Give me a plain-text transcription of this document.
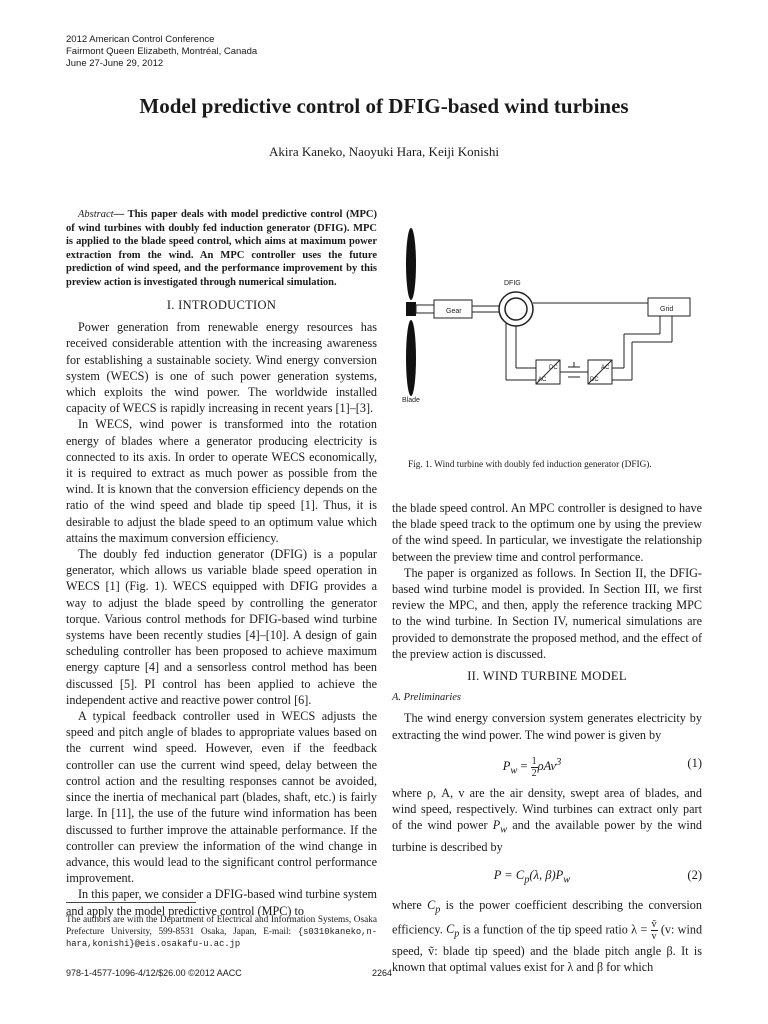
2012 American Control Conference
Fairmont Queen Elizabeth, Montréal, Canada
June 27-June 29, 2012
Model predictive control of DFIG-based wind turbines
Akira Kaneko, Naoyuki Hara, Keiji Konishi

Abstract— This paper deals with model predictive control (MPC) of wind turbines with doubly fed induction generator (DFIG). MPC is applied to the blade speed control, which aims at maximum power extraction from the wind. An MPC controller uses the future prediction of wind speed, and the performance improvement by this preview action is investigated through numerical simulation.

I. INTRODUCTION

Power generation from renewable energy resources has received considerable attention with the increasing awareness for establishing a sustainable society. Wind energy conversion system (WECS) is one of such power generation systems, which exploits the wind power. The worldwide installed capacity of WECS is rapidly increasing in recent years [1]–[3].

In WECS, wind power is transformed into the rotation energy of blades where a generator producing electricity is connected to its axis. In order to operate WECS economically, it is required to extract as much power as possible from the wind. It is known that the conversion efficiency depends on the ratio of the wind speed and blade tip speed [1]. Thus, it is desirable to adjust the blade speed to an optimum value which attains the maximum conversion efficiency.

The doubly fed induction generator (DFIG) is a popular generator, which allows us variable blade speed operation in WECS [1] (Fig. 1). WECS equipped with DFIG provides a way to adjust the blade speed by controlling the generator torque. Various control methods for DFIG-based wind turbine systems have been recently studies [4]–[10]. A design of gain scheduling controller has been proposed to achieve maximum energy capture [4] and a sensorless control method has been discussed [5]. PI control has been applied to achieve the independent active and reactive power control [6].

A typical feedback controller used in WECS adjusts the speed and pitch angle of blades to appropriate values based on the current wind speed. However, even if the feedback controller can use the current wind speed, delay between the control action and the resulting responses cannot be avoided, since the inertia of mechanical part (blades, shaft, etc.) is fairly large. In [11], the use of the future wind information has been discussed to further improve the attainable performance. If the controller can preview the information of the wind change in advance, this would lead to the significant control performance improvement.

In this paper, we consider a DFIG-based wind turbine system and apply the model predictive control (MPC) to

The authors are with the Department of Electrical and Information Systems, Osaka Prefecture University, 599-8531 Osaka, Japan, E-mail: {s0310kaneko,n-hara,konishi}@eis.osakafu-u.ac.jp
Gear
DFIG
Grid
DC
AC
AC
DC
Blade
Fig. 1. Wind turbine with doubly fed induction generator (DFIG).

the blade speed control. An MPC controller is designed to have the blade speed track to the optimum one by using the preview of the wind speed. In particular, we investigate the relationship between the preview time and control performance.

The paper is organized as follows. In Section II, the DFIG-based wind turbine model is provided. In Section III, we first review the MPC, and then, apply the reference tracking MPC to the wind turbine. In Section IV, numerical simulations are provided to demonstrate the proposed method, and the effect of the preview action is discussed.

II. WIND TURBINE MODEL
A. Preliminaries

The wind energy conversion system generates electricity by extracting the wind power. The wind power is given by

$P_w = \frac{1}{2} \rho Av^3$	(1)

where ρ, A, v are the air density, swept area of blades, and wind speed, respectively. Wind turbines can extract only part of the wind power $P_w$ and the available power by the wind turbine is described by

$P = C_p(\lambda$, $\beta)P_w$	(2)

where $C_p$ is the power coefficient describing the conversion efficiency. $C_p$ is a function of the tip speed ratio $\lambda = \frac{\text{ṽ}}{v} (v$: wind speed, ṽ: blade tip speed) and the blade pitch angle β. It is known that optimal values exist for λ and β for which

978-1-4577-1096-4/12/$26.00 ©2012 AACC	2264
